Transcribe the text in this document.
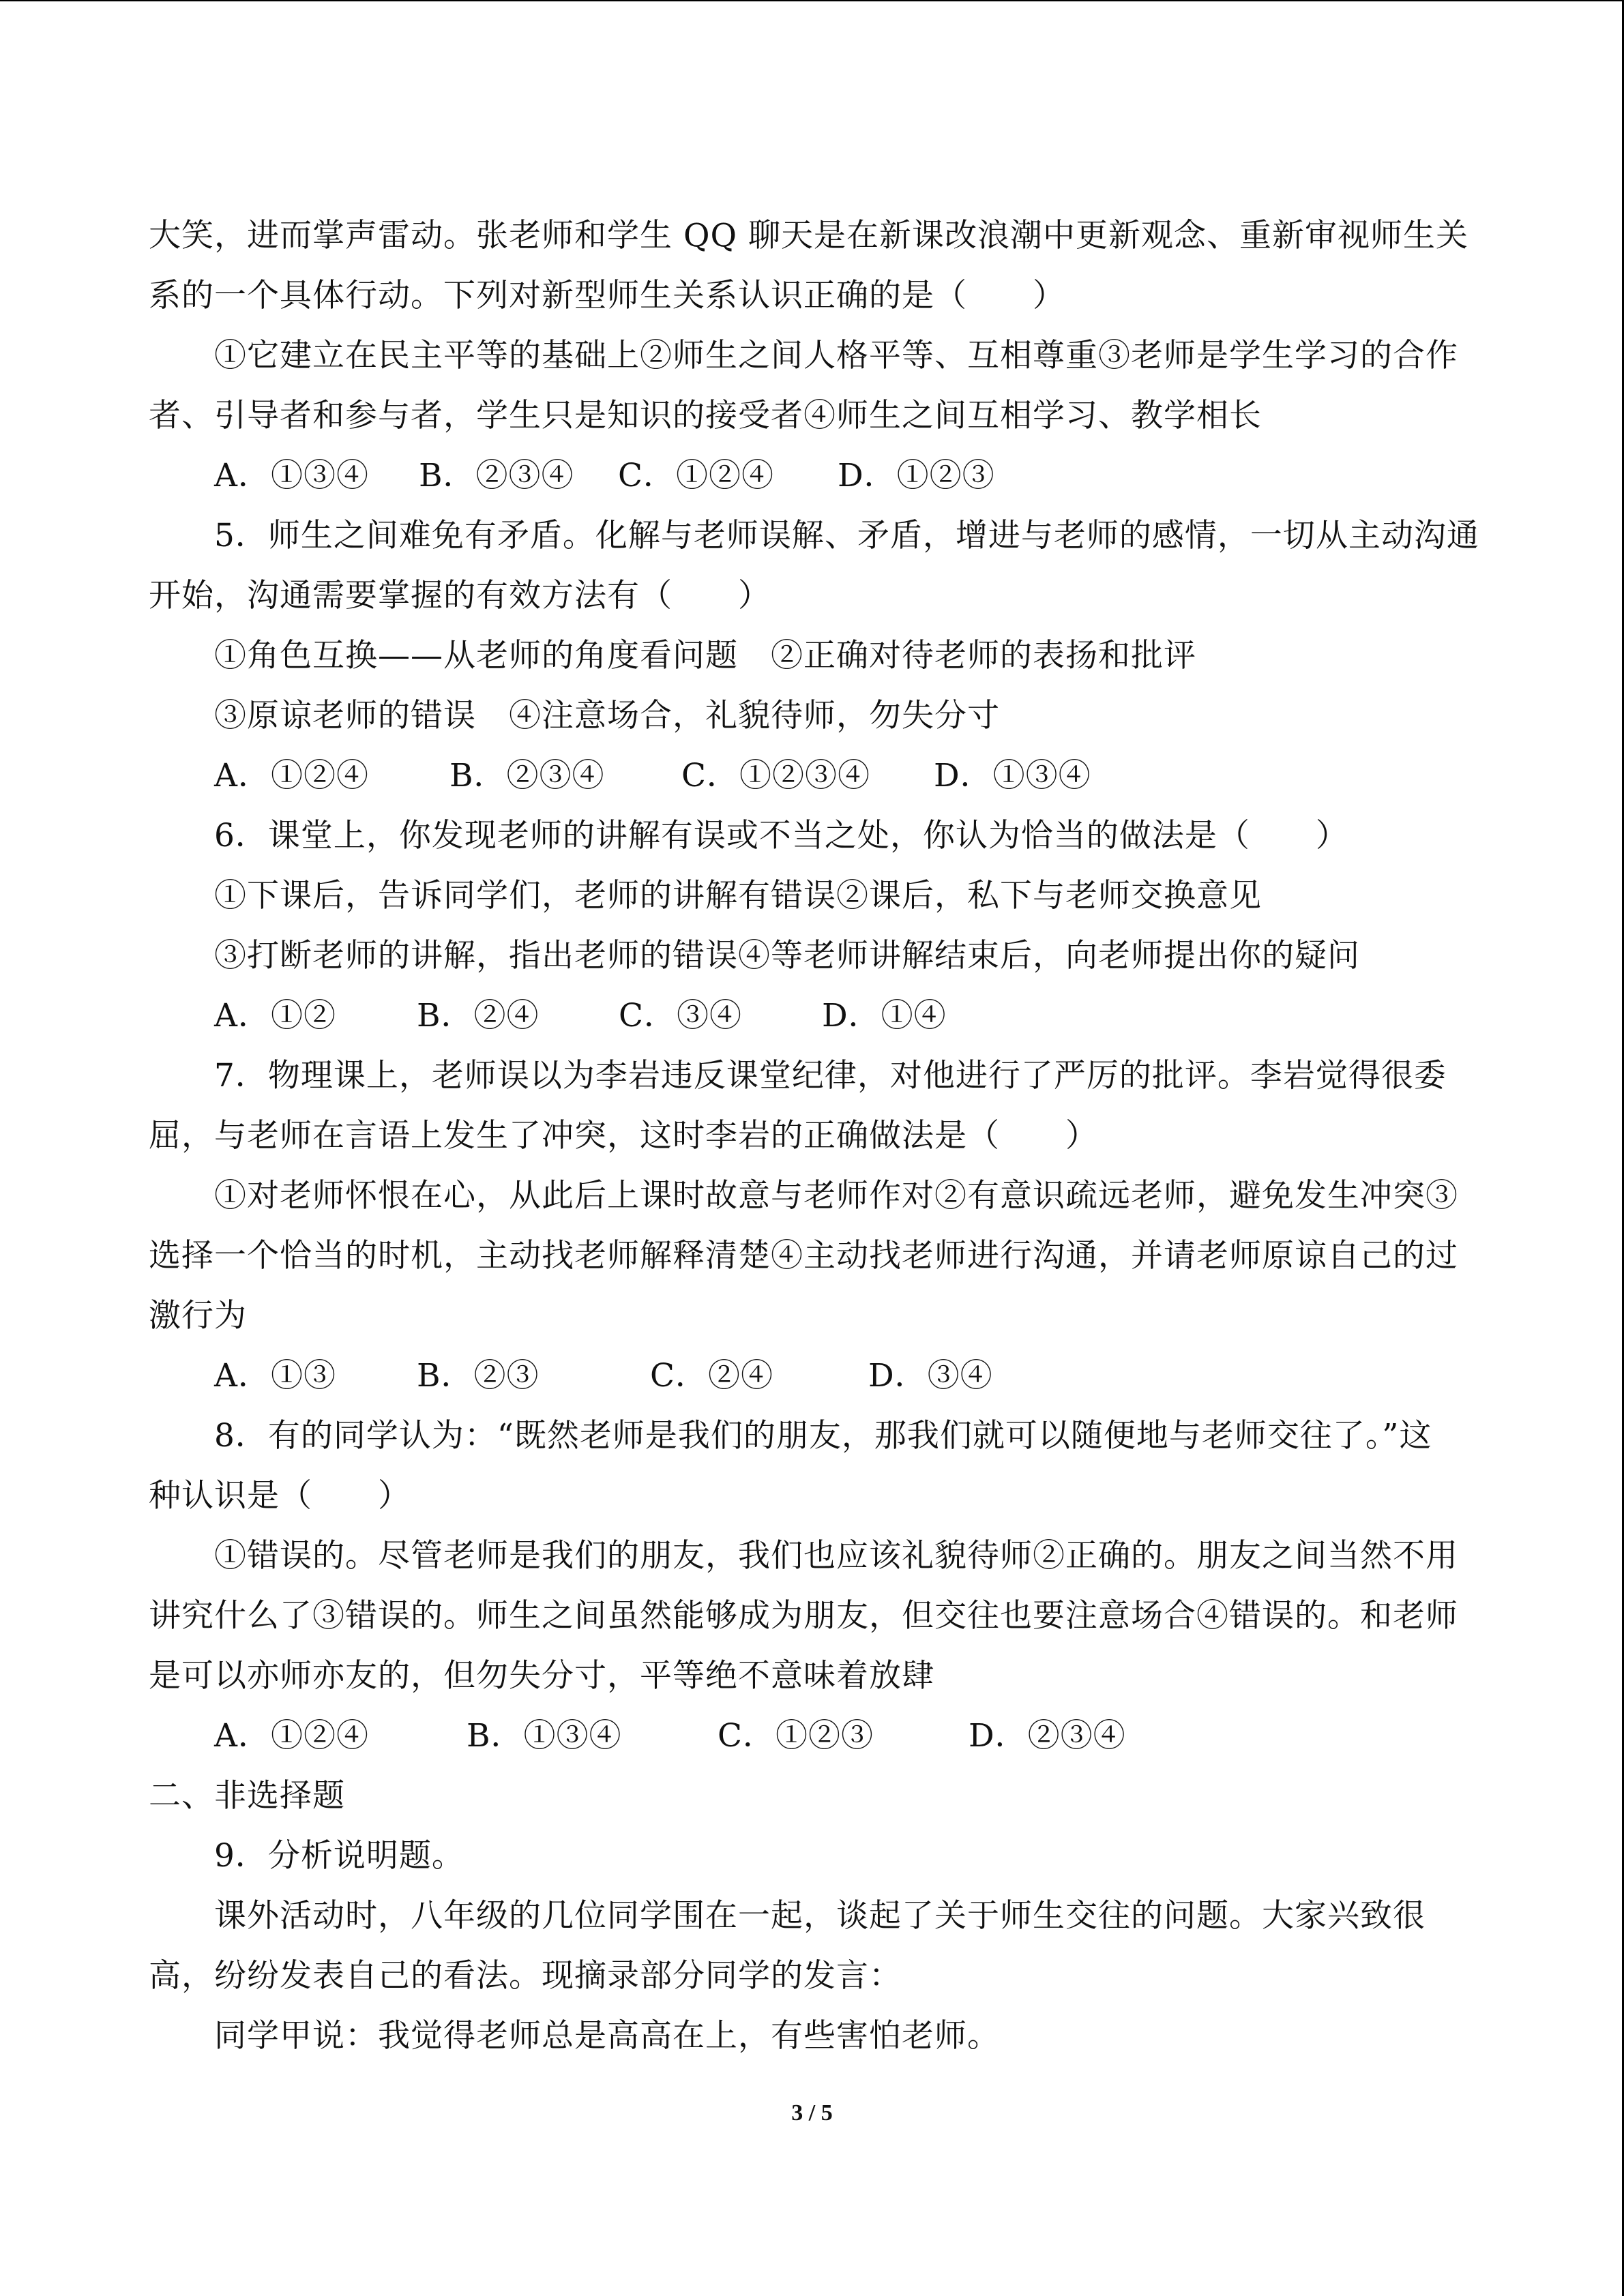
大笑，进而掌声雷动。张老师和学生 QQ 聊天是在新课改浪潮中更新观念、重新审视师生关
系的一个具体行动。下列对新型师生关系认识正确的是（　　）
①它建立在民主平等的基础上②师生之间人格平等、互相尊重③老师是学生学习的合作
者、引导者和参与者，学生只是知识的接受者④师生之间互相学习、教学相长
A．①③④ B．②③④ C．①②④ D．①②③
5．师生之间难免有矛盾。化解与老师误解、矛盾，增进与老师的感情，一切从主动沟通
开始，沟通需要掌握的有效方法有（　　）
①角色互换——从老师的角度看问题　②正确对待老师的表扬和批评
③原谅老师的错误　④注意场合，礼貌待师，勿失分寸
A．①②④	B．②③④ C．①②③④ D．①③④
6．课堂上，你发现老师的讲解有误或不当之处，你认为恰当的做法是（　　）
①下课后，告诉同学们，老师的讲解有错误②课后，私下与老师交换意见
③打断老师的讲解，指出老师的错误④等老师讲解结束后，向老师提出你的疑问
A．①②	B．②④ C．③④ D．①④
7．物理课上，老师误以为李岩违反课堂纪律，对他进行了严厉的批评。李岩觉得很委
屈，与老师在言语上发生了冲突，这时李岩的正确做法是（　　）
①对老师怀恨在心，从此后上课时故意与老师作对②有意识疏远老师，避免发生冲突③
选择一个恰当的时机，主动找老师解释清楚④主动找老师进行沟通，并请老师原谅自己的过
激行为
A．①③	B．②③	C．②④	D．③④
8．有的同学认为：“既然老师是我们的朋友，那我们就可以随便地与老师交往了。”这
种认识是（　　）
①错误的。尽管老师是我们的朋友，我们也应该礼貌待师②正确的。朋友之间当然不用
讲究什么了③错误的。师生之间虽然能够成为朋友，但交往也要注意场合④错误的。和老师
是可以亦师亦友的，但勿失分寸，平等绝不意味着放肆
A．①②④	B．①③④	C．①②③	D．②③④
二、非选择题
9．分析说明题。
课外活动时，八年级的几位同学围在一起，谈起了关于师生交往的问题。大家兴致很
高，纷纷发表自己的看法。现摘录部分同学的发言：
同学甲说：我觉得老师总是高高在上，有些害怕老师。
3 / 5
